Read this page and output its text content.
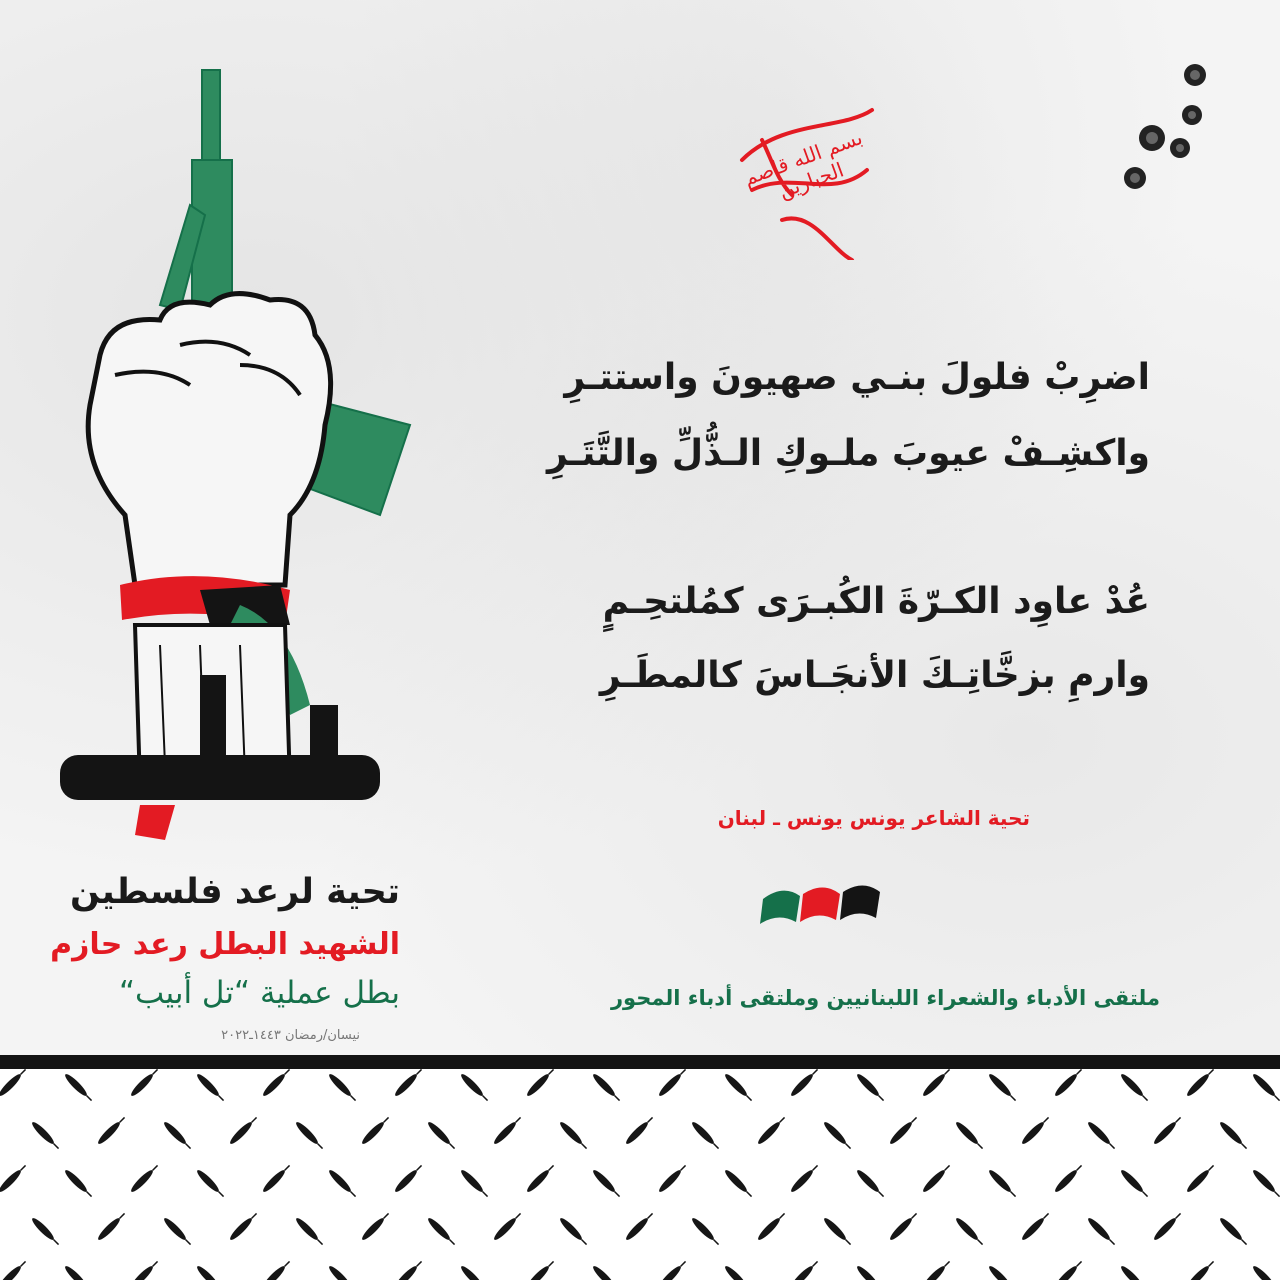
بسم الله قاصم الجبارين
اضرِبْ فلولَ بنـي صهيونَ واستتـرِ
واكشِـفْ عيوبَ ملـوكِ الـذُّلِّ والتَّتَـرِ
عُدْ عاوِد الكـرّةَ الكُبـرَى كمُلتحِـمٍ
وارمِ بزخَّاتِـكَ الأنجَـاسَ كالمطَـرِ
تحية الشاعر يونس يونس ـ لبنان
ملتقى الأدباء والشعراء اللبنانيين وملتقى أدباء المحور
تحية لرعد فلسطين
الشهيد البطل رعد حازم
بطل عملية “تل أبيب“
نيسان/رمضان ١٤٤٣ـ٢٠٢٢
